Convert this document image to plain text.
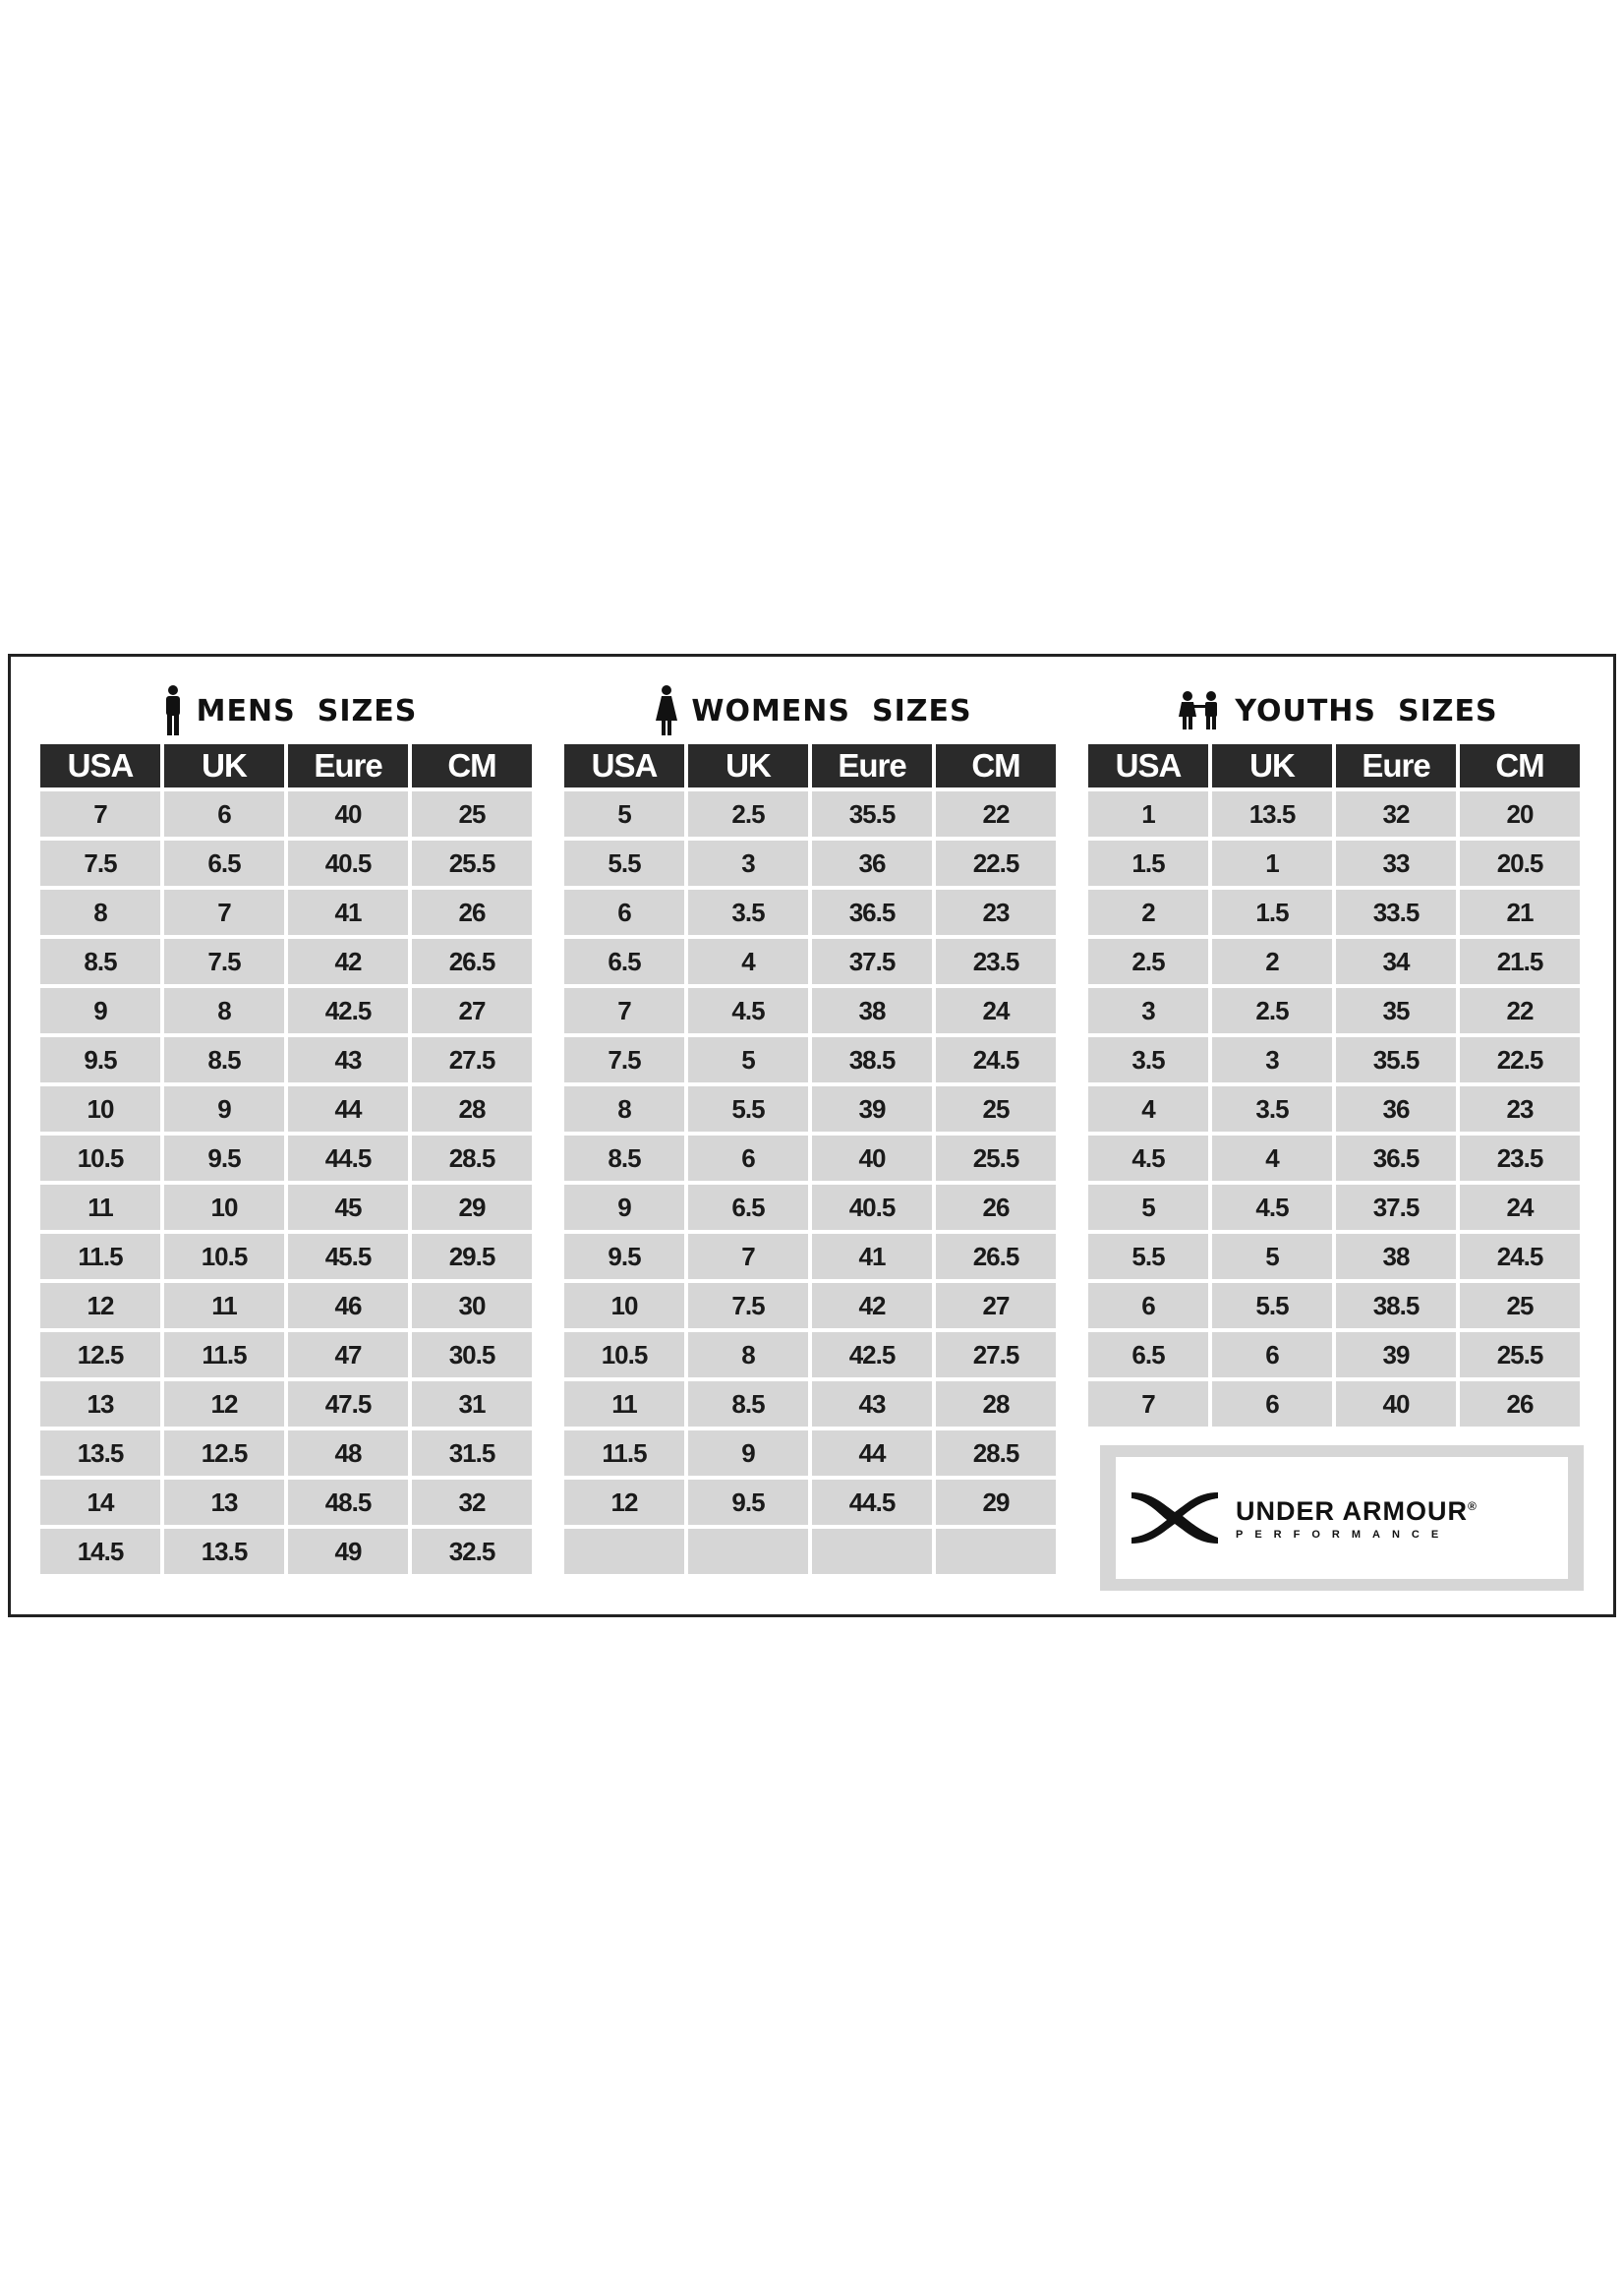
MENS SIZES
USA	UK	Eure	CM
7	6	40	25
7.5	6.5	40.5	25.5
8	7	41	26
8.5	7.5	42	26.5
9	8	42.5	27
9.5	8.5	43	27.5
10	9	44	28
10.5	9.5	44.5	28.5
11	10	45	29
11.5	10.5	45.5	29.5
12	11	46	30
12.5	11.5	47	30.5
13	12	47.5	31
13.5	12.5	48	31.5
14	13	48.5	32
14.5	13.5	49	32.5
WOMENS SIZES
USA	UK	Eure	CM
5	2.5	35.5	22
5.5	3	36	22.5
6	3.5	36.5	23
6.5	4	37.5	23.5
7	4.5	38	24
7.5	5	38.5	24.5
8	5.5	39	25
8.5	6	40	25.5
9	6.5	40.5	26
9.5	7	41	26.5
10	7.5	42	27
10.5	8	42.5	27.5
11	8.5	43	28
11.5	9	44	28.5
12	9.5	44.5	29

YOUTHS SIZES
USA	UK	Eure	CM
1	13.5	32	20
1.5	1	33	20.5
2	1.5	33.5	21
2.5	2	34	21.5
3	2.5	35	22
3.5	3	35.5	22.5
4	3.5	36	23
4.5	4	36.5	23.5
5	4.5	37.5	24
5.5	5	38	24.5
6	5.5	38.5	25
6.5	6	39	25.5
7	6	40	26
UNDER ARMOUR®
PERFORMANCE
